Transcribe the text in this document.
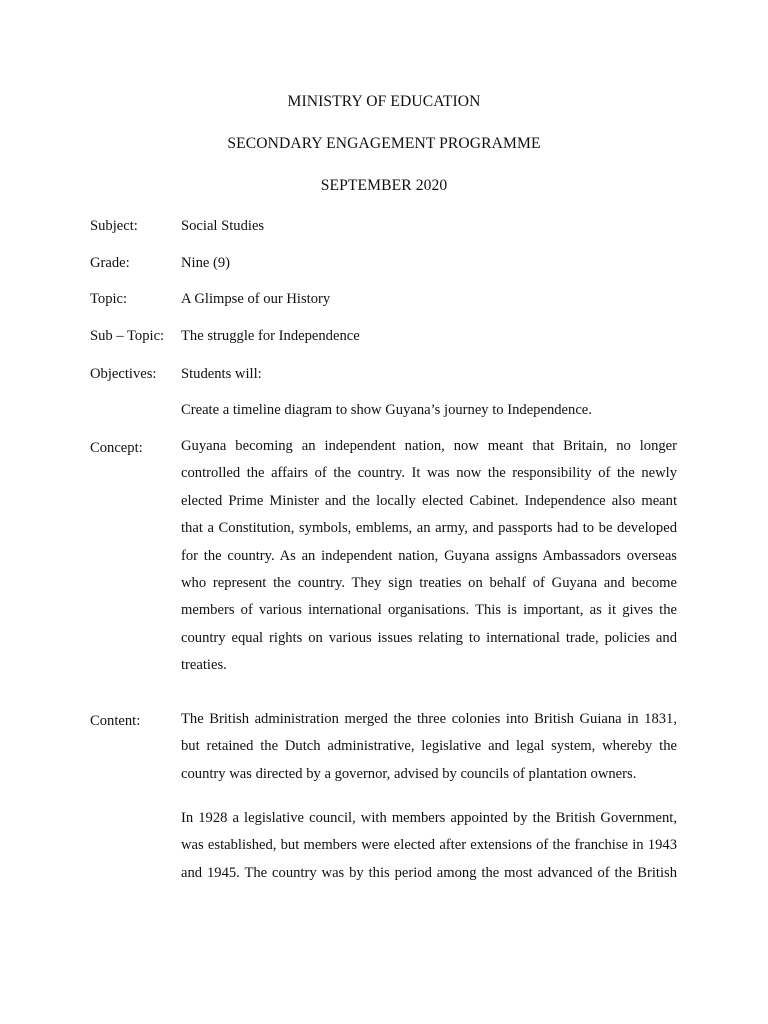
MINISTRY OF EDUCATION
SECONDARY ENGAGEMENT PROGRAMME
SEPTEMBER 2020
Subject:	Social Studies
Grade:	Nine (9)
Topic:	A Glimpse of our History
Sub – Topic: The struggle for Independence
Objectives: Students will:
Create a timeline diagram to show Guyana’s journey to Independence.
Concept:	Guyana becoming an independent nation, now meant that Britain, no longer
controlled the affairs of the country. It was now the responsibility of the newly
elected Prime Minister and the locally elected Cabinet. Independence also meant
that a Constitution, symbols, emblems, an army, and passports had to be developed
for the country. As an independent nation, Guyana assigns Ambassadors overseas
who represent the country. They sign treaties on behalf of Guyana and become
members of various international organisations. This is important, as it gives the
country equal rights on various issues relating to international trade, policies and
treaties.
Content:	The British administration merged the three colonies into British Guiana in 1831,
but retained the Dutch administrative, legislative and legal system, whereby the
country was directed by a governor, advised by councils of plantation owners.
In 1928 a legislative council, with members appointed by the British Government,
was established, but members were elected after extensions of the franchise in 1943
and 1945. The country was by this period among the most advanced of the British
